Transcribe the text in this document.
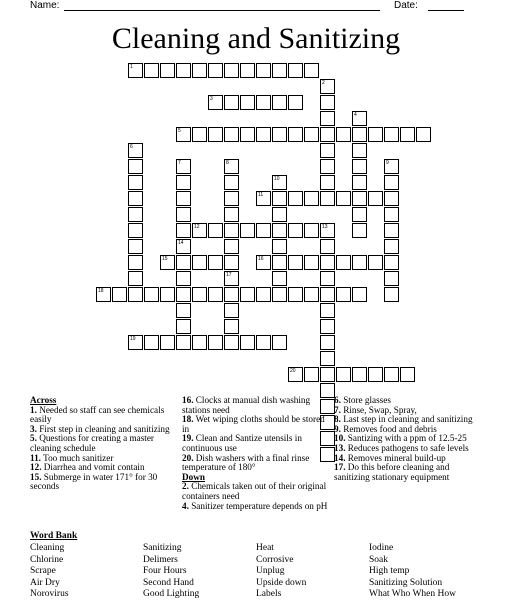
Name:	Date:
Cleaning and Sanitizing
1
2
3
4
5
6
7
14
8
17
9
10
11
12	13
15	16
18
19
20
Across
1. Needed so staff can see chemicals easily
3. First step in cleaning and sanitizing
5. Questions for creating a master cleaning schedule
11. Too much sanitizer
12. Diarrhea and vomit contain
15. Submerge in water 171° for 30 seconds
16. Clocks at manual dish washing stations need
18. Wet wiping cloths should be stored in
19. Clean and Santize utensils in continuous use
20. Dish washers with a final rinse temperature of 180°
Down
2. Chemicals taken out of their original containers need
4. Sanitizer temperature depends on pH
6. Store glasses
7. Rinse, Swap, Spray,
8. Last step in cleaning and sanitizing
9. Removes food and debris
10. Santizing with a ppm of 12.5-25
13. Reduces pathogens to safe levels
14. Removes mineral build-up
17. Do this before cleaning and sanitizing stationary equipment
Word Bank
Cleaning
Chlorine
Scrape
Air Dry
Norovirus
Sanitizing
Delimers
Four Hours
Second Hand
Good Lighting
Heat
Corrosive
Unplug
Upside down
Labels
Iodine
Soak
High temp
Sanitizing Solution
What Who When How
